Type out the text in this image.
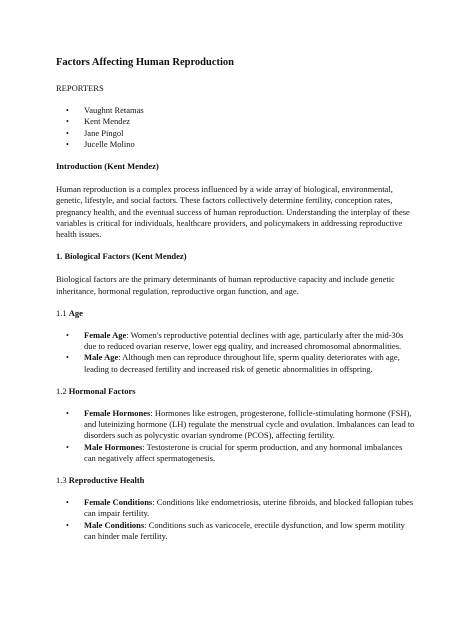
Factors Affecting Human Reproduction
REPORTERS
• Vaughnt Retamas
• Kent Mendez
• Jane Pingol
• Jucelle Molino
Introduction (Kent Mendez)
Human reproduction is a complex process influenced by a wide array of biological, environmental, genetic, lifestyle, and social factors. These factors collectively determine fertility, conception rates, pregnancy health, and the eventual success of human reproduction. Understanding the interplay of these variables is critical for individuals, healthcare providers, and policymakers in addressing reproductive health issues.
1. Biological Factors (Kent Mendez)
Biological factors are the primary determinants of human reproductive capacity and include genetic inheritance, hormonal regulation, reproductive organ function, and age.
1.1 Age
• Female Age: Women's reproductive potential declines with age, particularly after the mid-30s due to reduced ovarian reserve, lower egg quality, and increased chromosomal abnormalities.
• Male Age: Although men can reproduce throughout life, sperm quality deteriorates with age, leading to decreased fertility and increased risk of genetic abnormalities in offspring.
1.2 Hormonal Factors
• Female Hormones: Hormones like estrogen, progesterone, follicle-stimulating hormone (FSH), and luteinizing hormone (LH) regulate the menstrual cycle and ovulation. Imbalances can lead to disorders such as polycystic ovarian syndrome (PCOS), affecting fertility.
• Male Hormones: Testosterone is crucial for sperm production, and any hormonal imbalances can negatively affect spermatogenesis.
1.3 Reproductive Health
• Female Conditions: Conditions like endometriosis, uterine fibroids, and blocked fallopian tubes can impair fertility.
• Male Conditions: Conditions such as varicocele, erectile dysfunction, and low sperm motility can hinder male fertility.
